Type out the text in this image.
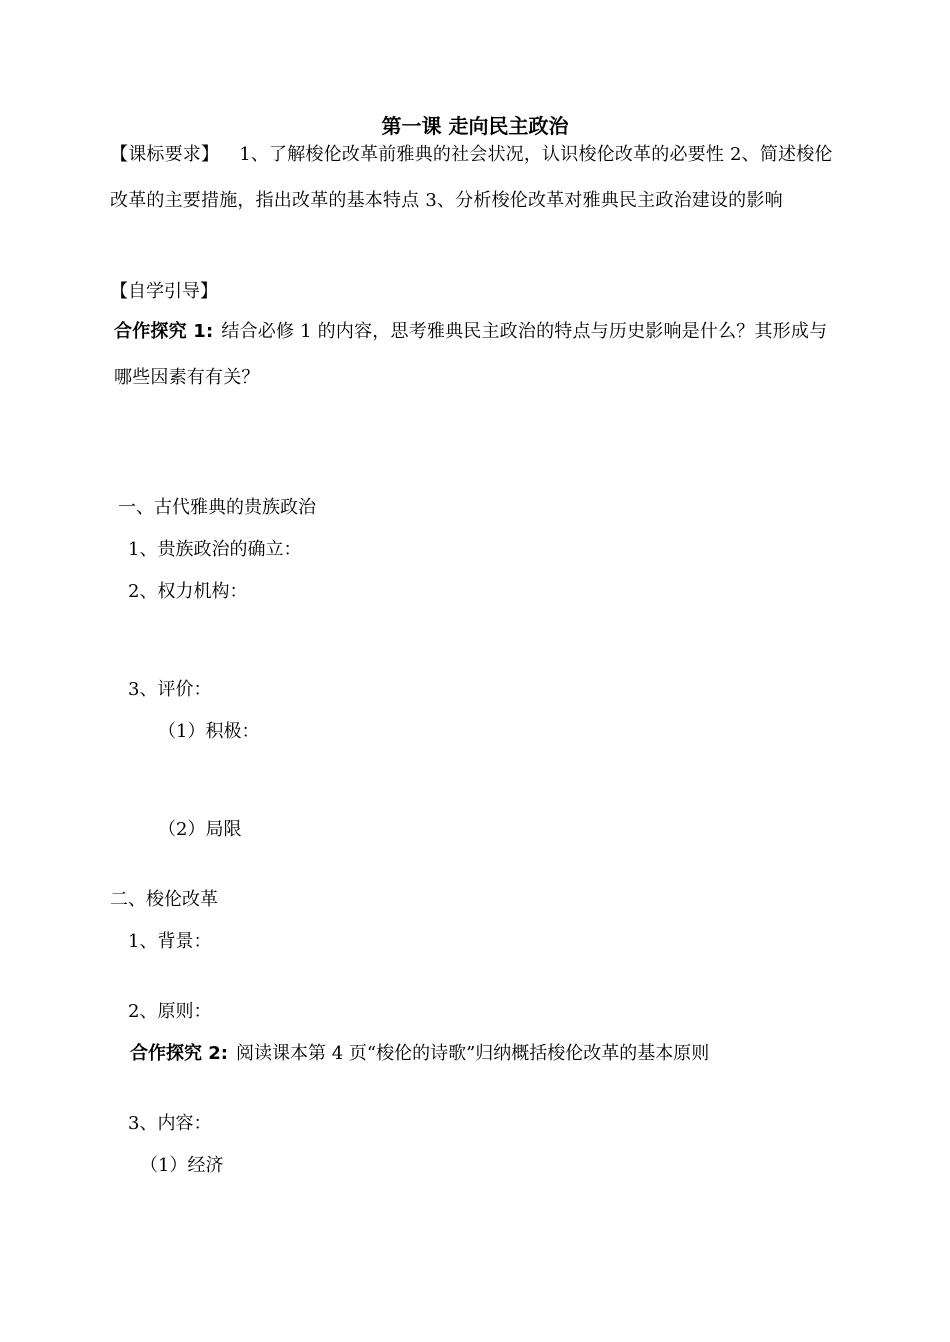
第一课 走向民主政治
【课标要求】 1、了解梭伦改革前雅典的社会状况，认识梭伦改革的必要性 2、简述梭伦改革的主要措施，指出改革的基本特点 3、分析梭伦改革对雅典民主政治建设的影响
【自学引导】
合作探究 1: 结合必修 1 的内容，思考雅典民主政治的特点与历史影响是什么？其形成与哪些因素有有关？
一、古代雅典的贵族政治
1、贵族政治的确立：
2、权力机构：
3、评价：
（1）积极：
（2）局限
二、梭伦改革
1、背景：
2、原则：
合作探究 2: 阅读课本第 4 页“梭伦的诗歌”归纳概括梭伦改革的基本原则
3、内容：
（1）经济
